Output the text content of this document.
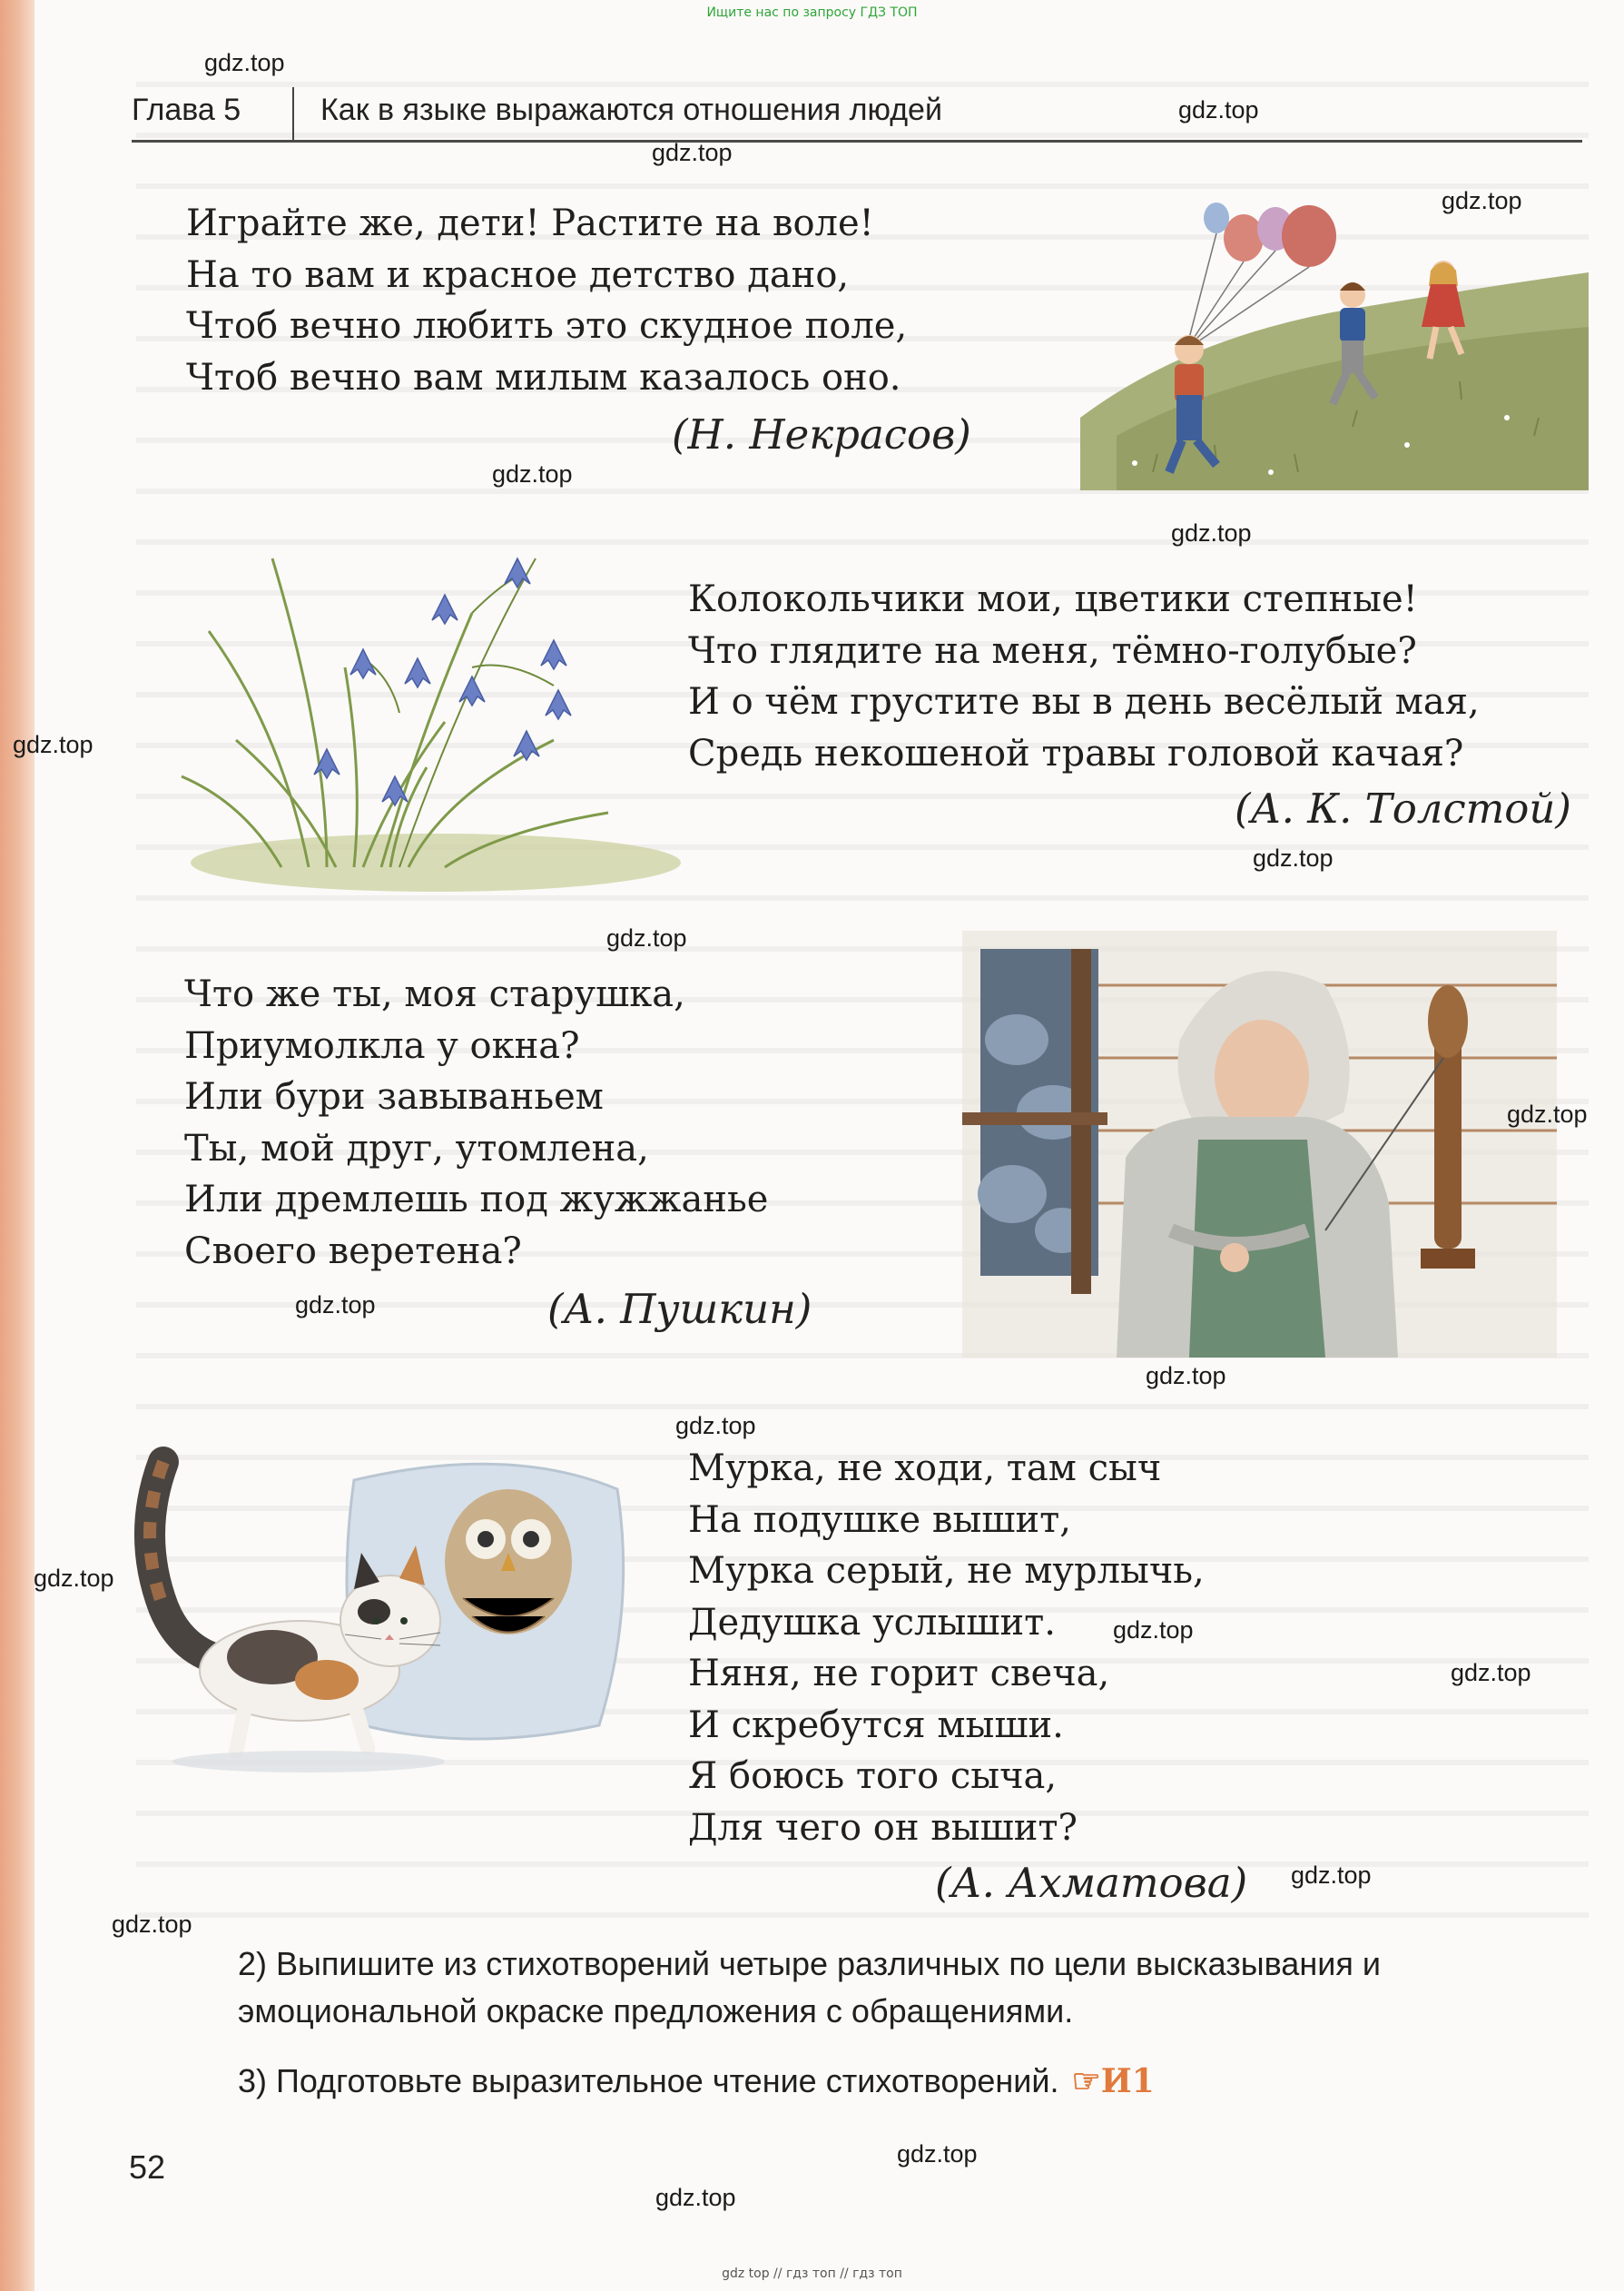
Ищите нас по запросу ГДЗ ТОП
Глава 5	Как в языке выражаются отношения людей
Играйте же, дети! Растите на воле!
На то вам и красное детство дано,
Чтоб вечно любить это скудное поле,
Чтоб вечно вам милым казалось оно.
(Н. Некрасов)
Колокольчики мои, цветики степные!
Что глядите на меня, тёмно-голубые?
И о чём грустите вы в день весёлый мая,
Средь некошеной травы головой качая?
(А. К. Толстой)
Что же ты, моя старушка,
Приумолкла у окна?
Или бури завываньем
Ты, мой друг, утомлена,
Или дремлешь под жужжанье
Своего веретена?
(А. Пушкин)
Мурка, не ходи, там сыч
На подушке вышит,
Мурка серый, не мурлычь,
Дедушка услышит.
Няня, не горит свеча,
И скребутся мыши.
Я боюсь того сыча,
Для чего он вышит?
(А. Ахматова)
2) Выпишите из стихотворений четыре различных по цели высказывания и эмоциональной окраске предложения с обращениями.
3) Подготовьте выразительное чтение стихотворений. ☞И1
52
gdz.top
gdz.top
gdz.top
gdz.top
gdz.top
gdz.top
gdz.top
gdz.top
gdz.top
gdz.top
gdz.top
gdz.top
gdz.top
gdz.top
gdz.top
gdz.top
gdz.top
gdz.top
gdz.top
gdz.top
gdz top // гдз топ // гдз топ
